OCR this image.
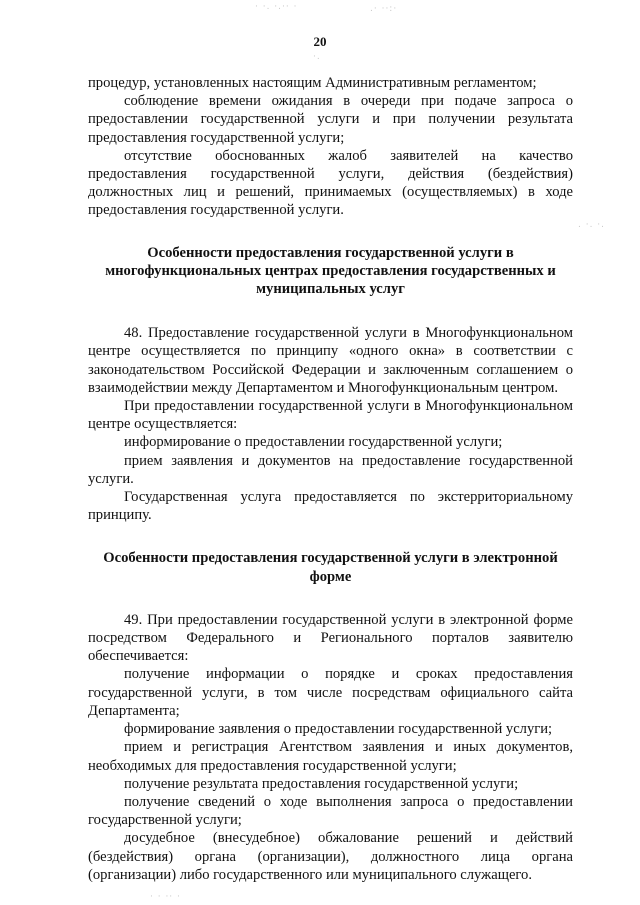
· ·. ·.·· ·	.· ··:·
·.
. ·. ·.
· · ·· ·
20

процедур, установленных настоящим Административным регламентом;

соблюдение времени ожидания в очереди при подаче запроса о предоставлении государственной услуги и при получении результата предоставления государственной услуги;

отсутствие обоснованных жалоб заявителей на качество предоставления государственной услуги, действия (бездействия) должностных лиц и решений, принимаемых (осуществляемых) в ходе предоставления государственной услуги.

Особенности предоставления государственной услуги в многофункциональных центрах предоставления государственных и муниципальных услуг

48. Предоставление государственной услуги в Многофункциональном центре осуществляется по принципу «одного окна» в соответствии с законодательством Российской Федерации и заключенным соглашением о взаимодействии между Департаментом и Многофункциональным центром.

При предоставлении государственной услуги в Многофункциональном центре осуществляется:

информирование о предоставлении государственной услуги;

прием заявления и документов на предоставление государственной услуги.

Государственная услуга предоставляется по экстерриториальному принципу.

Особенности предоставления государственной услуги в электронной форме

49. При предоставлении государственной услуги в электронной форме посредством Федерального и Регионального порталов заявителю обеспечивается:

получение информации о порядке и сроках предоставления государственной услуги, в том числе посредствам официального сайта Департамента;

формирование заявления о предоставлении государственной услуги;

прием и регистрация Агентством заявления и иных документов, необходимых для предоставления государственной услуги;

получение результата предоставления государственной услуги;

получение сведений о ходе выполнения запроса о предоставлении государственной услуги;

досудебное (внесудебное) обжалование решений и действий (бездействия) органа (организации), должностного лица органа (организации) либо государственного или муниципального служащего.
